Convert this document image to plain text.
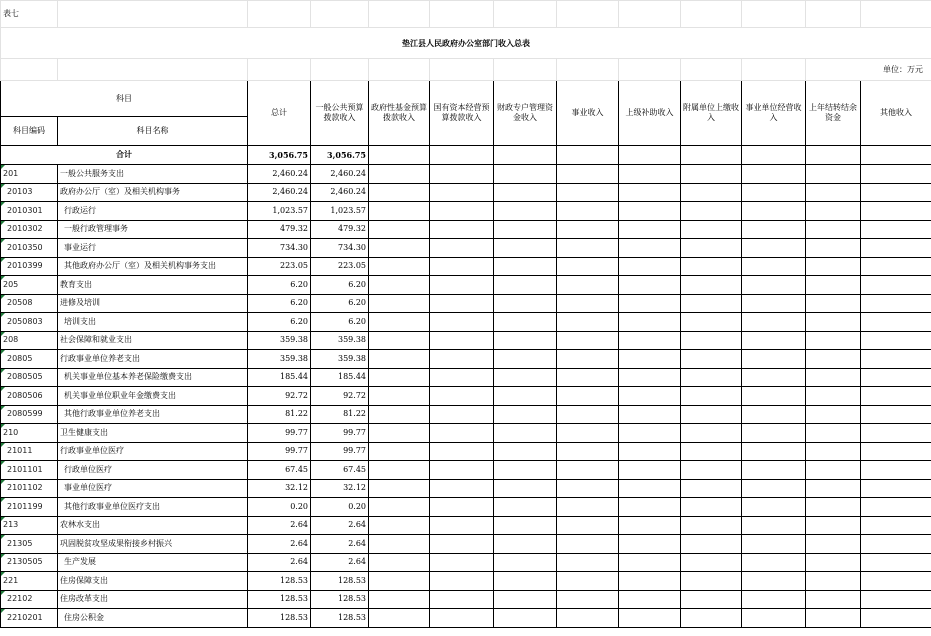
表七												
垫江县人民政府办公室部门收入总表												
											单位：万元	
科目		总计	一般公共预算拨款收入	政府性基金预算拨款收入	国有资本经营预算拨款收入	财政专户管理资金收入	事业收入	上级补助收入	附属单位上缴收入	事业单位经营收入	上年结转结余资金	其他收入
科目编码	科目名称											
合计		3,056.75	3,056.75									

201	一般公共服务支出	2,460.24	2,460.24									

20103	政府办公厅（室）及相关机构事务	2,460.24	2,460.24									

2010301	行政运行	1,023.57	1,023.57									

2010302	一般行政管理事务	479.32	479.32									

2010350	事业运行	734.30	734.30									

2010399	其他政府办公厅（室）及相关机构事务支出	223.05	223.05									

205	教育支出	6.20	6.20									

20508	进修及培训	6.20	6.20									

2050803	培训支出	6.20	6.20									

208	社会保障和就业支出	359.38	359.38									

20805	行政事业单位养老支出	359.38	359.38									

2080505	机关事业单位基本养老保险缴费支出	185.44	185.44									

2080506	机关事业单位职业年金缴费支出	92.72	92.72									

2080599	其他行政事业单位养老支出	81.22	81.22									

210	卫生健康支出	99.77	99.77									

21011	行政事业单位医疗	99.77	99.77									

2101101	行政单位医疗	67.45	67.45									

2101102	事业单位医疗	32.12	32.12									

2101199	其他行政事业单位医疗支出	0.20	0.20									

213	农林水支出	2.64	2.64									

21305	巩固脱贫攻坚成果衔接乡村振兴	2.64	2.64									

2130505	生产发展	2.64	2.64									

221	住房保障支出	128.53	128.53									

22102	住房改革支出	128.53	128.53									

2210201	住房公积金	128.53	128.53									
